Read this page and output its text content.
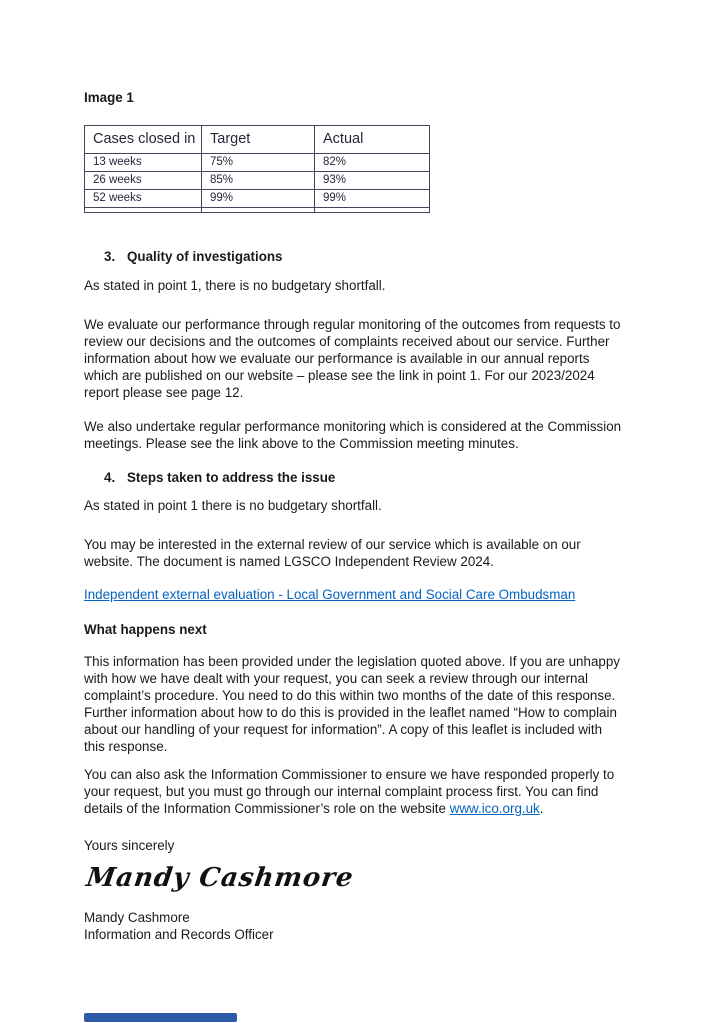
Image 1

Cases closed in	Target	Actual
13 weeks	75%	82%
26 weeks	85%	93%
52 weeks	99%	99%

3. Quality of investigations

As stated in point 1, there is no budgetary shortfall.

We evaluate our performance through regular monitoring of the outcomes from requests to
review our decisions and the outcomes of complaints received about our service. Further
information about how we evaluate our performance is available in our annual reports
which are published on our website – please see the link in point 1. For our 2023/2024
report please see page 12.
We also undertake regular performance monitoring which is considered at the Commission
meetings. Please see the link above to the Commission meeting minutes.

4. Steps taken to address the issue

As stated in point 1 there is no budgetary shortfall.

You may be interested in the external review of our service which is available on our
website. The document is named LGSCO Independent Review 2024.

Independent external evaluation - Local Government and Social Care Ombudsman

What happens next

This information has been provided under the legislation quoted above. If you are unhappy
with how we have dealt with your request, you can seek a review through our internal
complaint’s procedure. You need to do this within two months of the date of this response.
Further information about how to do this is provided in the leaflet named “How to complain
about our handling of your request for information”. A copy of this leaflet is included with
this response.
You can also ask the Information Commissioner to ensure we have responded properly to
your request, but you must go through our internal complaint process first. You can find
details of the Information Commissioner’s role on the website www.ico.org.uk.

Yours sincerely

Mandy Cashmore
Mandy Cashmore
Information and Records Officer
